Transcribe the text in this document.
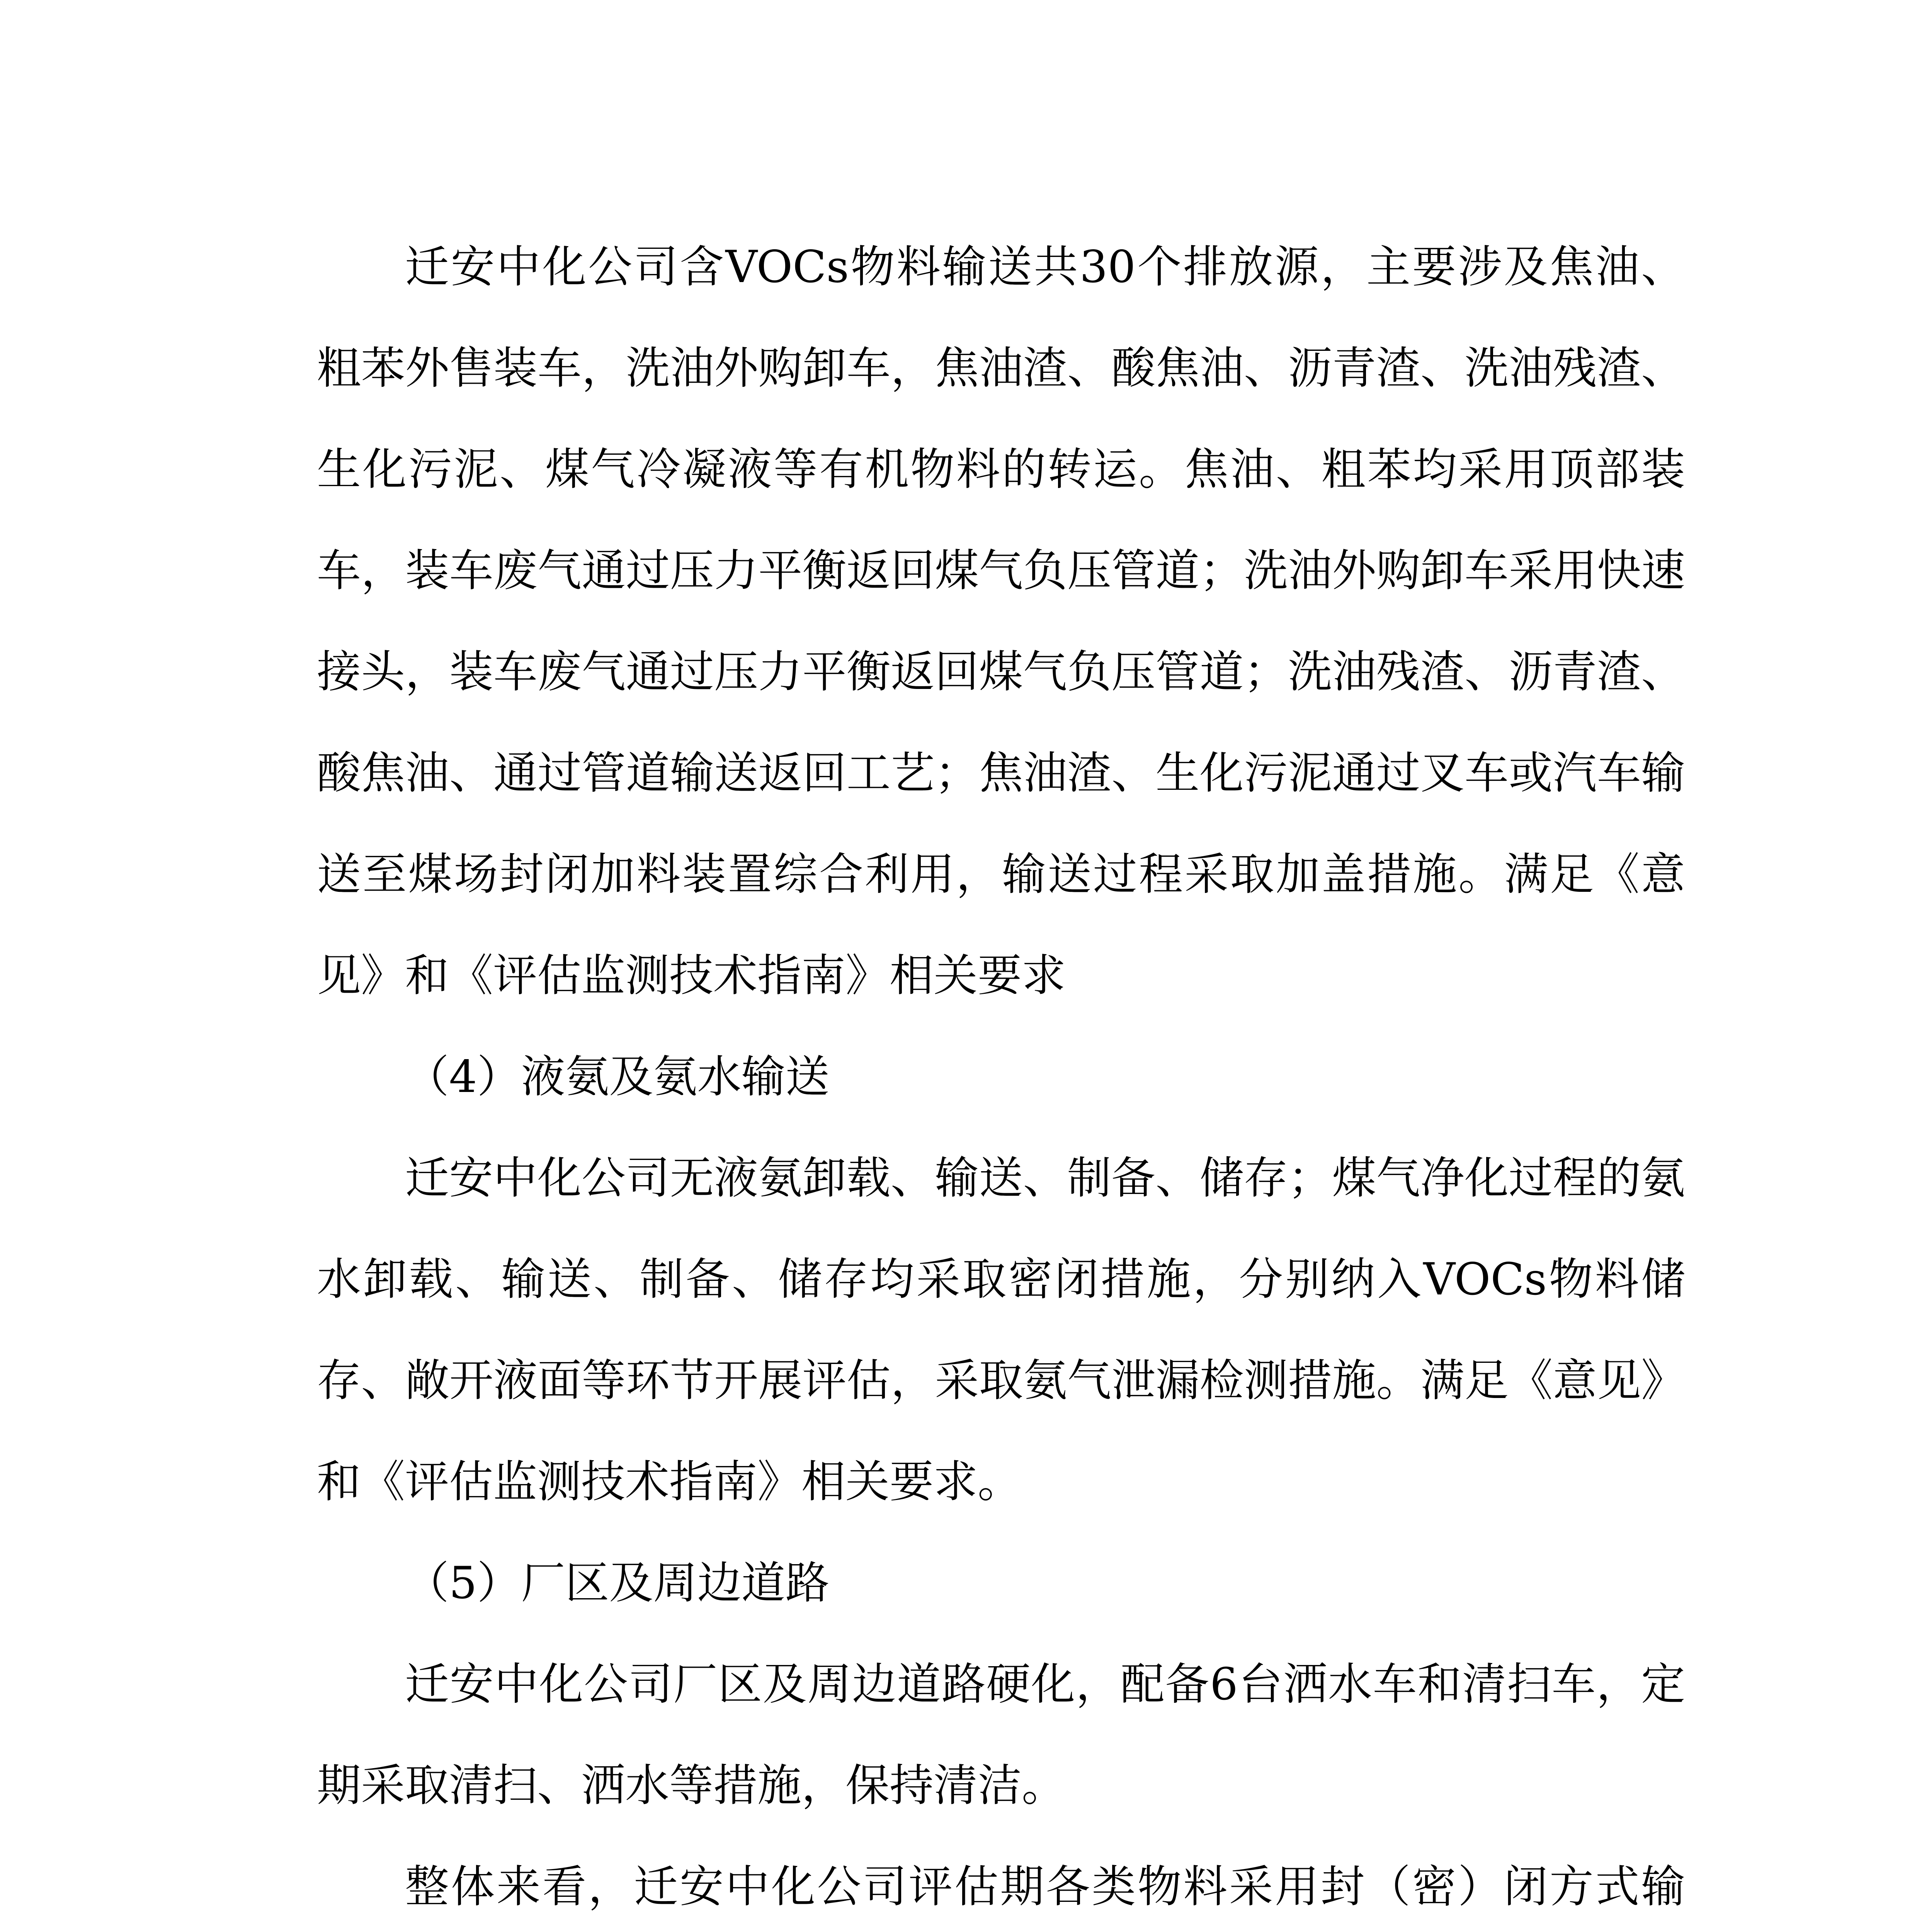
迁安中化公司含VOCs物料输送共30个排放源，主要涉及焦油、粗苯外售装车，洗油外购卸车，焦油渣、酸焦油、沥青渣、洗油残渣、生化污泥、煤气冷凝液等有机物料的转运。焦油、粗苯均采用顶部装车，装车废气通过压力平衡返回煤气负压管道；洗油外购卸车采用快速接头，装车废气通过压力平衡返回煤气负压管道；洗油残渣、沥青渣、酸焦油、通过管道输送返回工艺；焦油渣、生化污泥通过叉车或汽车输送至煤场封闭加料装置综合利用，输送过程采取加盖措施。满足《意见》和《评估监测技术指南》相关要求

（4）液氨及氨水输送

迁安中化公司无液氨卸载、输送、制备、储存；煤气净化过程的氨水卸载、输送、制备、储存均采取密闭措施，分别纳入VOCs物料储存、敞开液面等环节开展评估，采取氨气泄漏检测措施。满足《意见》和《评估监测技术指南》相关要求。

（5）厂区及周边道路

迁安中化公司厂区及周边道路硬化，配备6台洒水车和清扫车，定期采取清扫、洒水等措施，保持清洁。

整体来看，迁安中化公司评估期各类物料采用封（密）闭方式输
